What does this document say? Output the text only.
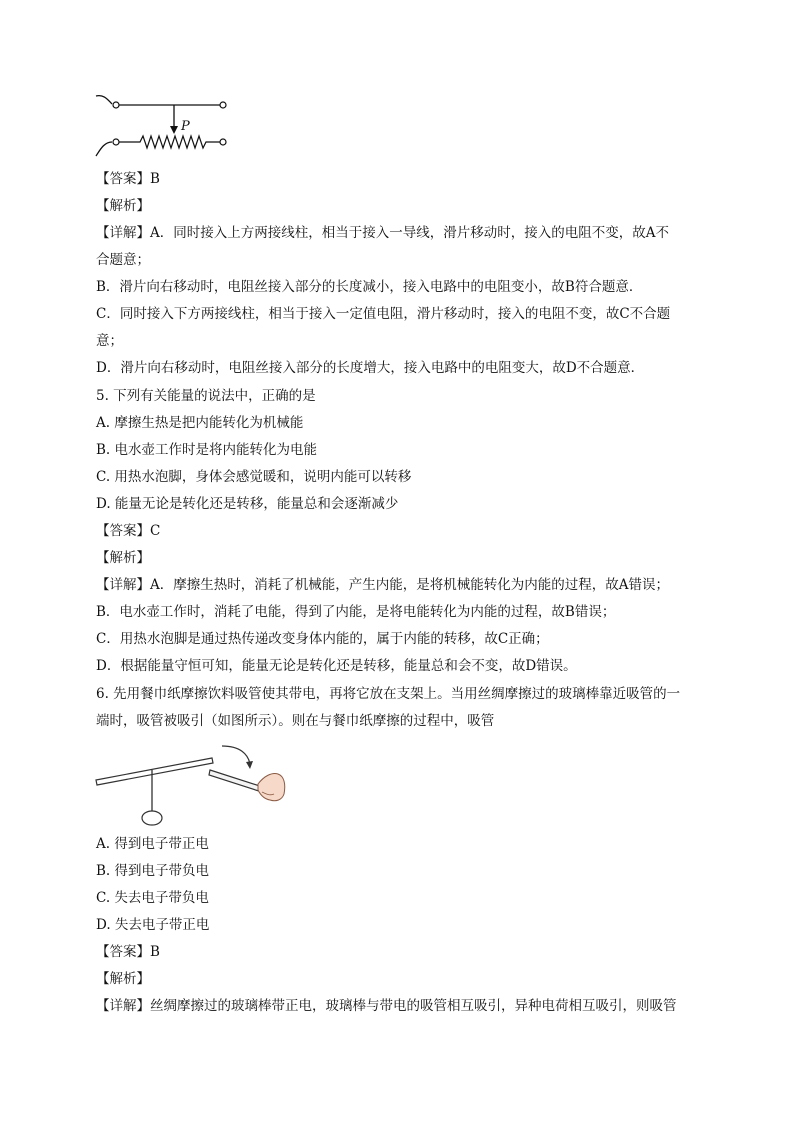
P
【答案】B
【解析】
【详解】A．同时接入上方两接线柱，相当于接入一导线，滑片移动时，接入的电阻不变，故A不
合题意；
B．滑片向右移动时，电阻丝接入部分的长度减小，接入电路中的电阻变小，故B符合题意．
C．同时接入下方两接线柱，相当于接入一定值电阻，滑片移动时，接入的电阻不变，故C不合题
意；
D．滑片向右移动时，电阻丝接入部分的长度增大，接入电路中的电阻变大，故D不合题意．
5. 下列有关能量的说法中，正确的是
A. 摩擦生热是把内能转化为机械能
B. 电水壶工作时是将内能转化为电能
C. 用热水泡脚，身体会感觉暖和，说明内能可以转移
D. 能量无论是转化还是转移，能量总和会逐渐减少
【答案】C
【解析】
【详解】A．摩擦生热时，消耗了机械能，产生内能，是将机械能转化为内能的过程，故A错误；
B．电水壶工作时，消耗了电能，得到了内能，是将电能转化为内能的过程，故B错误；
C．用热水泡脚是通过热传递改变身体内能的，属于内能的转移，故C正确；
D．根据能量守恒可知，能量无论是转化还是转移，能量总和会不变，故D错误。
6. 先用餐巾纸摩擦饮料吸管使其带电，再将它放在支架上。当用丝绸摩擦过的玻璃棒靠近吸管的一
端时，吸管被吸引（如图所示）。则在与餐巾纸摩擦的过程中，吸管
A. 得到电子带正电
B. 得到电子带负电
C. 失去电子带负电
D. 失去电子带正电
【答案】B
【解析】
【详解】丝绸摩擦过的玻璃棒带正电，玻璃棒与带电的吸管相互吸引，异种电荷相互吸引，则吸管
